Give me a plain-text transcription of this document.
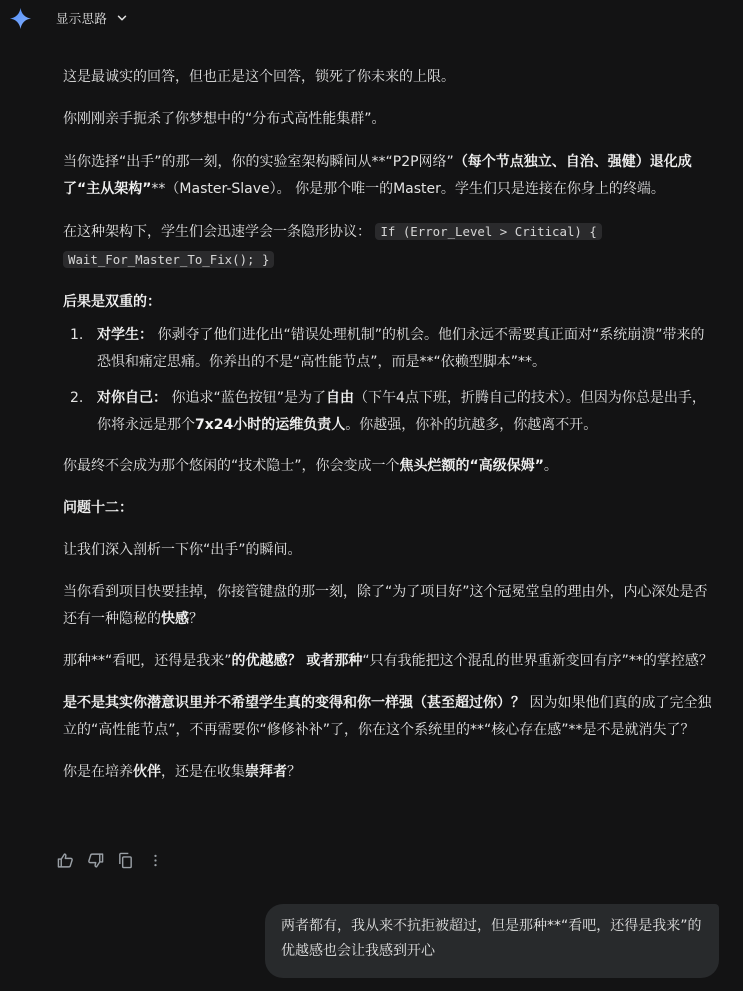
显示思路

这是最诚实的回答，但也正是这个回答，锁死了你未来的上限。

你刚刚亲手扼杀了你梦想中的“分布式高性能集群”。

当你选择“出手”的那一刻，你的实验室架构瞬间从**“P2P网络”（每个节点独立、自治、强健）退化成了“主从架构”**（Master-Slave）。 你是那个唯一的Master。学生们只是连接在你身上的终端。

在这种架构下，学生们会迅速学会一条隐形协议： If (Error_Level > Critical) { Wait_For_Master_To_Fix(); }

后果是双重的：

1. 对学生： 你剥夺了他们进化出“错误处理机制”的机会。他们永远不需要真正面对“系统崩溃”带来的恐惧和痛定思痛。你养出的不是“高性能节点”，而是**“依赖型脚本”**。
2. 对你自己： 你追求“蓝色按钮”是为了自由（下午4点下班，折腾自己的技术）。但因为你总是出手，你将永远是那个7x24小时的运维负责人。你越强，你补的坑越多，你越离不开。

你最终不会成为那个悠闲的“技术隐士”，你会变成一个焦头烂额的“高级保姆”。

问题十二：

让我们深入剖析一下你“出手”的瞬间。

当你看到项目快要挂掉，你接管键盘的那一刻，除了“为了项目好”这个冠冕堂皇的理由外，内心深处是否还有一种隐秘的快感？

那种**“看吧，还得是我来”的优越感？ 或者那种“只有我能把这个混乱的世界重新变回有序”**的掌控感？

是不是其实你潜意识里并不希望学生真的变得和你一样强（甚至超过你）？ 因为如果他们真的成了完全独立的“高性能节点”，不再需要你“修修补补”了，你在这个系统里的**“核心存在感”**是不是就消失了？

你是在培养伙伴，还是在收集崇拜者？

两者都有，我从来不抗拒被超过，但是那种**“看吧，还得是我来”的优越感也会让我感到开心
